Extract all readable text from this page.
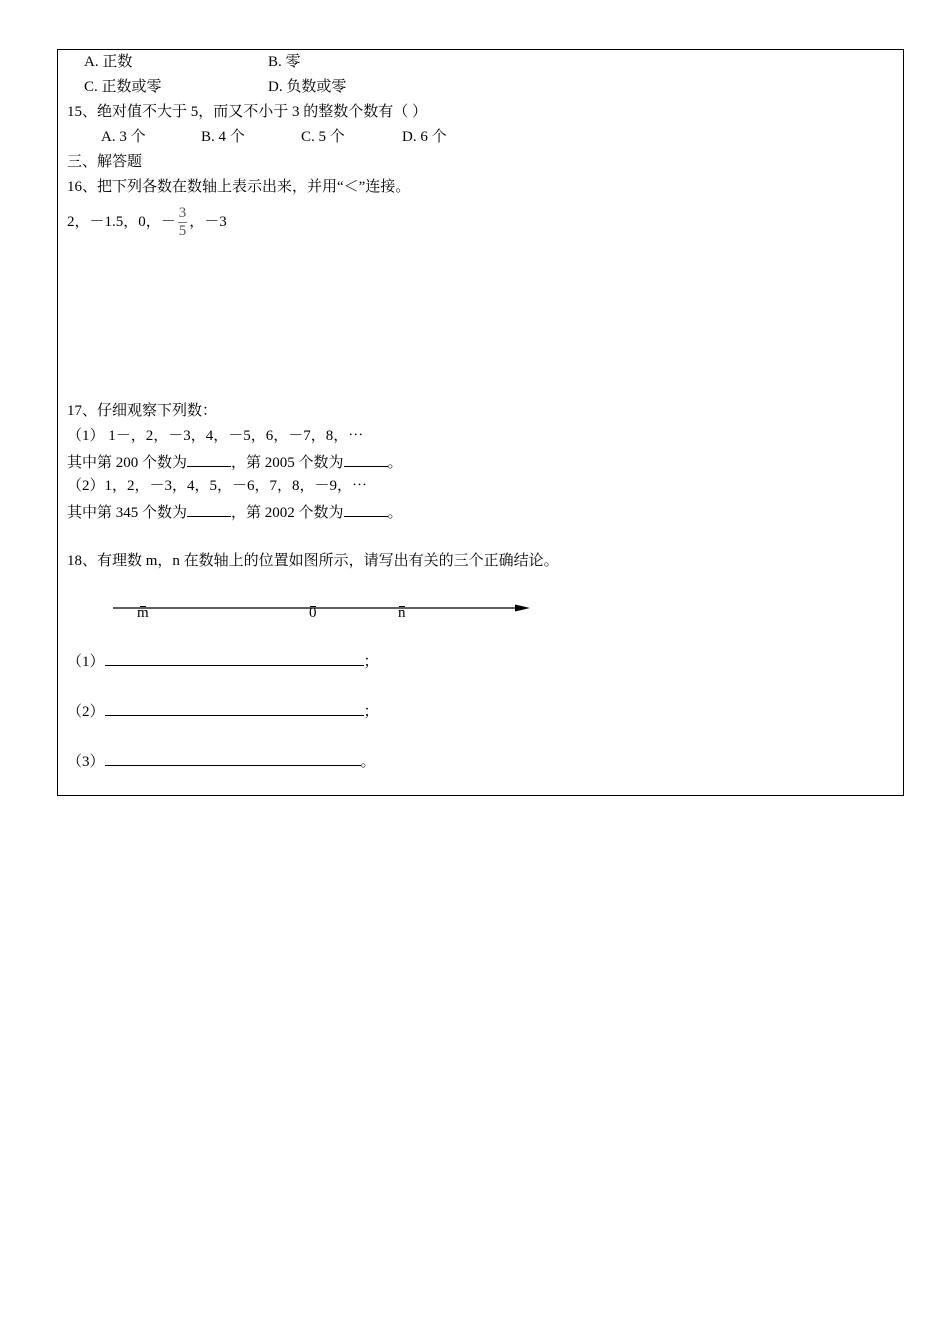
A. 正数	B. 零
C. 正数或零	D. 负数或零
15、绝对值不大于 5，而又不小于 3 的整数个数有（ ）
A. 3 个	B. 4 个	C. 5 个	D. 6 个
三、解答题
16、把下列各数在数轴上表示出来，并用“＜”连接。
2，－1.5，0，－ $\frac{3}{5}$ ，－3
17、仔细观察下列数：
（1） 1－，2，－3，4，－5，6，－7，8，⋯
其中第 200 个数为	，第 2005 个数为	。
（2）1，2，－3，4，5，－6，7，8，－9，⋯
其中第 345 个数为	，第 2002 个数为	。
18、有理数 m，n 在数轴上的位置如图所示，请写出有关的三个正确结论。
m	0	n
（1）	；
（2）	；
（3）	。
